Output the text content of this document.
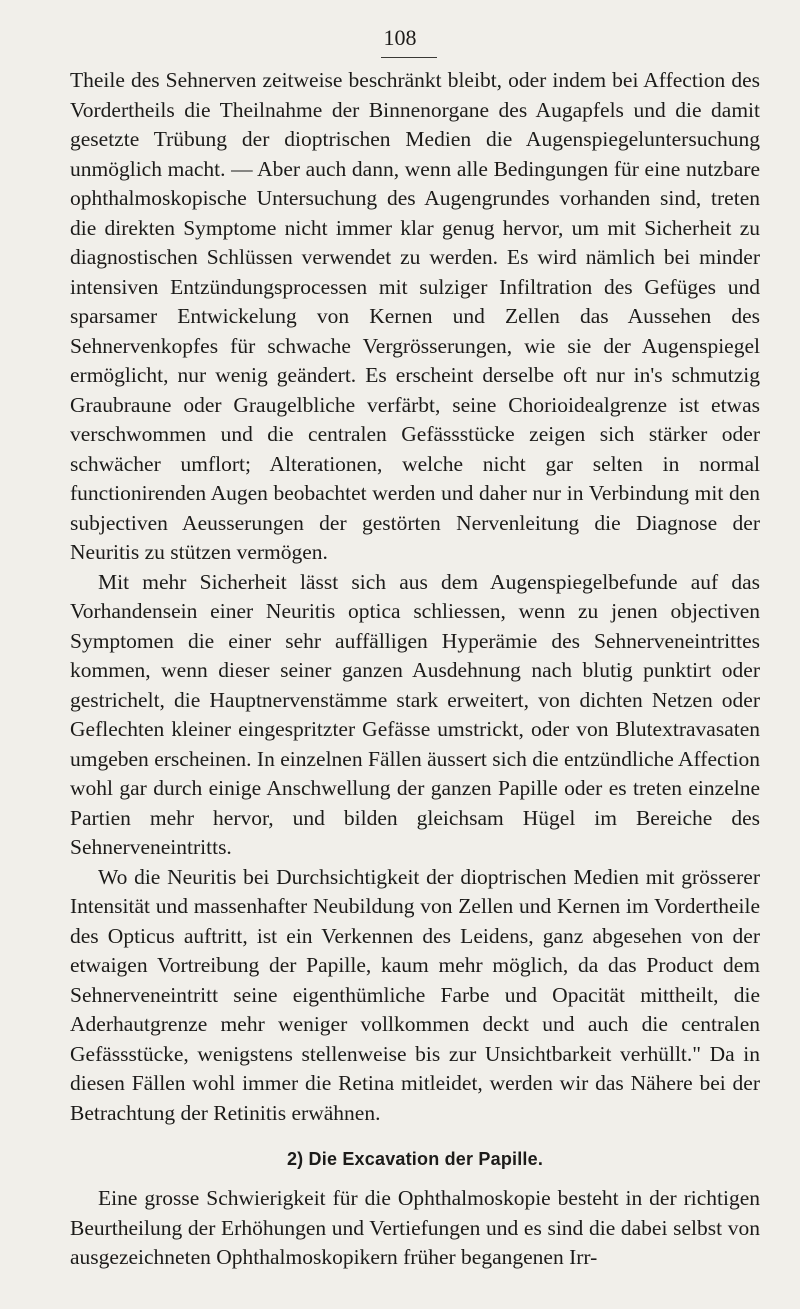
108

Theile des Sehnerven zeitweise beschränkt bleibt, oder indem bei Affection des Vordertheils die Theilnahme der Binnenorgane des Augapfels und die damit gesetzte Trübung der dioptrischen Medien die Augenspiegeluntersuchung unmöglich macht. — Aber auch dann, wenn alle Bedingungen für eine nutzbare ophthalmoskopische Untersuchung des Augengrundes vorhanden sind, treten die direkten Symptome nicht immer klar genug hervor, um mit Sicherheit zu diagnostischen Schlüssen verwendet zu werden. Es wird nämlich bei minder intensiven Entzündungsprocessen mit sulziger Infiltration des Gefüges und sparsamer Entwickelung von Kernen und Zellen das Aussehen des Sehnervenkopfes für schwache Vergrösserungen, wie sie der Augenspiegel ermöglicht, nur wenig geändert. Es erscheint derselbe oft nur in's schmutzig Graubraune oder Graugelbliche verfärbt, seine Chorioidealgrenze ist etwas verschwommen und die centralen Gefässstücke zeigen sich stärker oder schwächer umflort; Alterationen, welche nicht gar selten in normal functionirenden Augen beobachtet werden und daher nur in Verbindung mit den subjectiven Aeusserungen der gestörten Nervenleitung die Diagnose der Neuritis zu stützen vermögen.

Mit mehr Sicherheit lässt sich aus dem Augenspiegelbefunde auf das Vorhandensein einer Neuritis optica schliessen, wenn zu jenen objectiven Symptomen die einer sehr auffälligen Hyperämie des Sehnerveneintrittes kommen, wenn dieser seiner ganzen Ausdehnung nach blutig punktirt oder gestrichelt, die Hauptnervenstämme stark erweitert, von dichten Netzen oder Geflechten kleiner eingespritzter Gefässe umstrickt, oder von Blutextravasaten umgeben erscheinen. In einzelnen Fällen äussert sich die entzündliche Affection wohl gar durch einige Anschwellung der ganzen Papille oder es treten einzelne Partien mehr hervor, und bilden gleichsam Hügel im Bereiche des Sehnerveneintritts.

Wo die Neuritis bei Durchsichtigkeit der dioptrischen Medien mit grösserer Intensität und massenhafter Neubildung von Zellen und Kernen im Vordertheile des Opticus auftritt, ist ein Verkennen des Leidens, ganz abgesehen von der etwaigen Vortreibung der Papille, kaum mehr möglich, da das Product dem Sehnerveneintritt seine eigenthümliche Farbe und Opacität mittheilt, die Aderhautgrenze mehr weniger vollkommen deckt und auch die centralen Gefässstücke, wenigstens stellenweise bis zur Unsichtbarkeit verhüllt." Da in diesen Fällen wohl immer die Retina mitleidet, werden wir das Nähere bei der Betrachtung der Retinitis erwähnen.

2) Die Excavation der Papille.

Eine grosse Schwierigkeit für die Ophthalmoskopie besteht in der richtigen Beurtheilung der Erhöhungen und Vertiefungen und es sind die dabei selbst von ausgezeichneten Ophthalmoskopikern früher begangenen Irr-
